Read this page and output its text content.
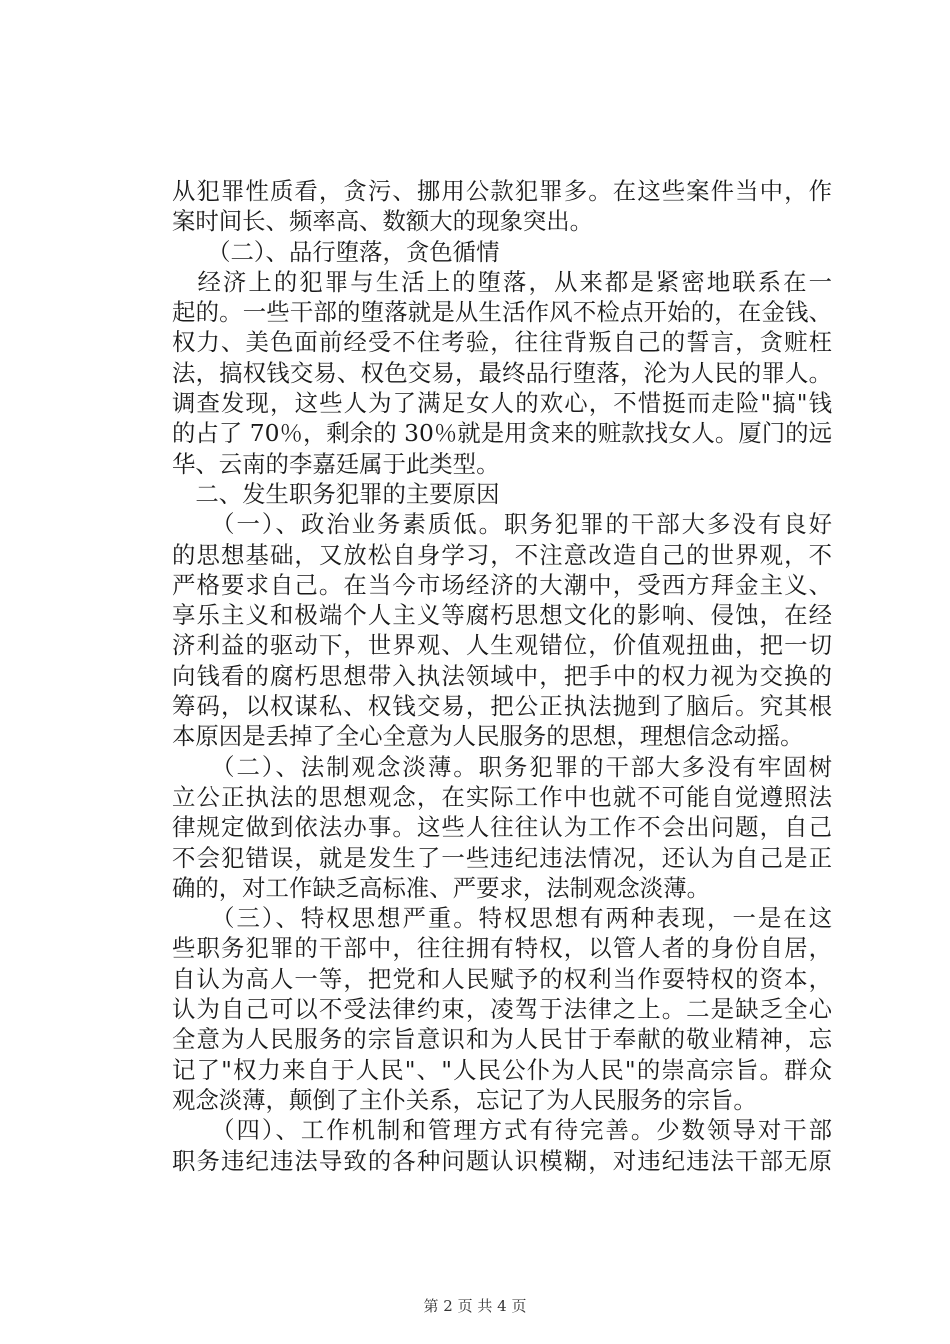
从犯罪性质看，贪污、挪用公款犯罪多。在这些案件当中，作
案时间长、频率高、数额大的现象突出。
　　（二）、品行堕落，贪色循情
　经济上的犯罪与生活上的堕落，从来都是紧密地联系在一
起的。一些干部的堕落就是从生活作风不检点开始的，在金钱、
权力、美色面前经受不住考验，往往背叛自己的誓言，贪赃枉
法，搞权钱交易、权色交易，最终品行堕落，沦为人民的罪人。
调查发现，这些人为了满足女人的欢心，不惜挺而走险"搞"钱
的占了 70％，剩余的 30％就是用贪来的赃款找女人。厦门的远
华、云南的李嘉廷属于此类型。
　二、发生职务犯罪的主要原因
　　（一）、政治业务素质低。职务犯罪的干部大多没有良好
的思想基础，又放松自身学习，不注意改造自己的世界观，不
严格要求自己。在当今市场经济的大潮中，受西方拜金主义、
享乐主义和极端个人主义等腐朽思想文化的影响、侵蚀，在经
济利益的驱动下，世界观、人生观错位，价值观扭曲，把一切
向钱看的腐朽思想带入执法领域中，把手中的权力视为交换的
筹码，以权谋私、权钱交易，把公正执法抛到了脑后。究其根
本原因是丢掉了全心全意为人民服务的思想，理想信念动摇。
　　（二）、法制观念淡薄。职务犯罪的干部大多没有牢固树
立公正执法的思想观念，在实际工作中也就不可能自觉遵照法
律规定做到依法办事。这些人往往认为工作不会出问题，自己
不会犯错误，就是发生了一些违纪违法情况，还认为自己是正
确的，对工作缺乏高标准、严要求，法制观念淡薄。
　　（三）、特权思想严重。特权思想有两种表现，一是在这
些职务犯罪的干部中，往往拥有特权，以管人者的身份自居，
自认为高人一等，把党和人民赋予的权利当作耍特权的资本，
认为自己可以不受法律约束，凌驾于法律之上。二是缺乏全心
全意为人民服务的宗旨意识和为人民甘于奉献的敬业精神，忘
记了"权力来自于人民"、"人民公仆为人民"的崇高宗旨。群众
观念淡薄，颠倒了主仆关系，忘记了为人民服务的宗旨。
　　（四）、工作机制和管理方式有待完善。少数领导对干部
职务违纪违法导致的各种问题认识模糊，对违纪违法干部无原
第 2 页 共 4 页
